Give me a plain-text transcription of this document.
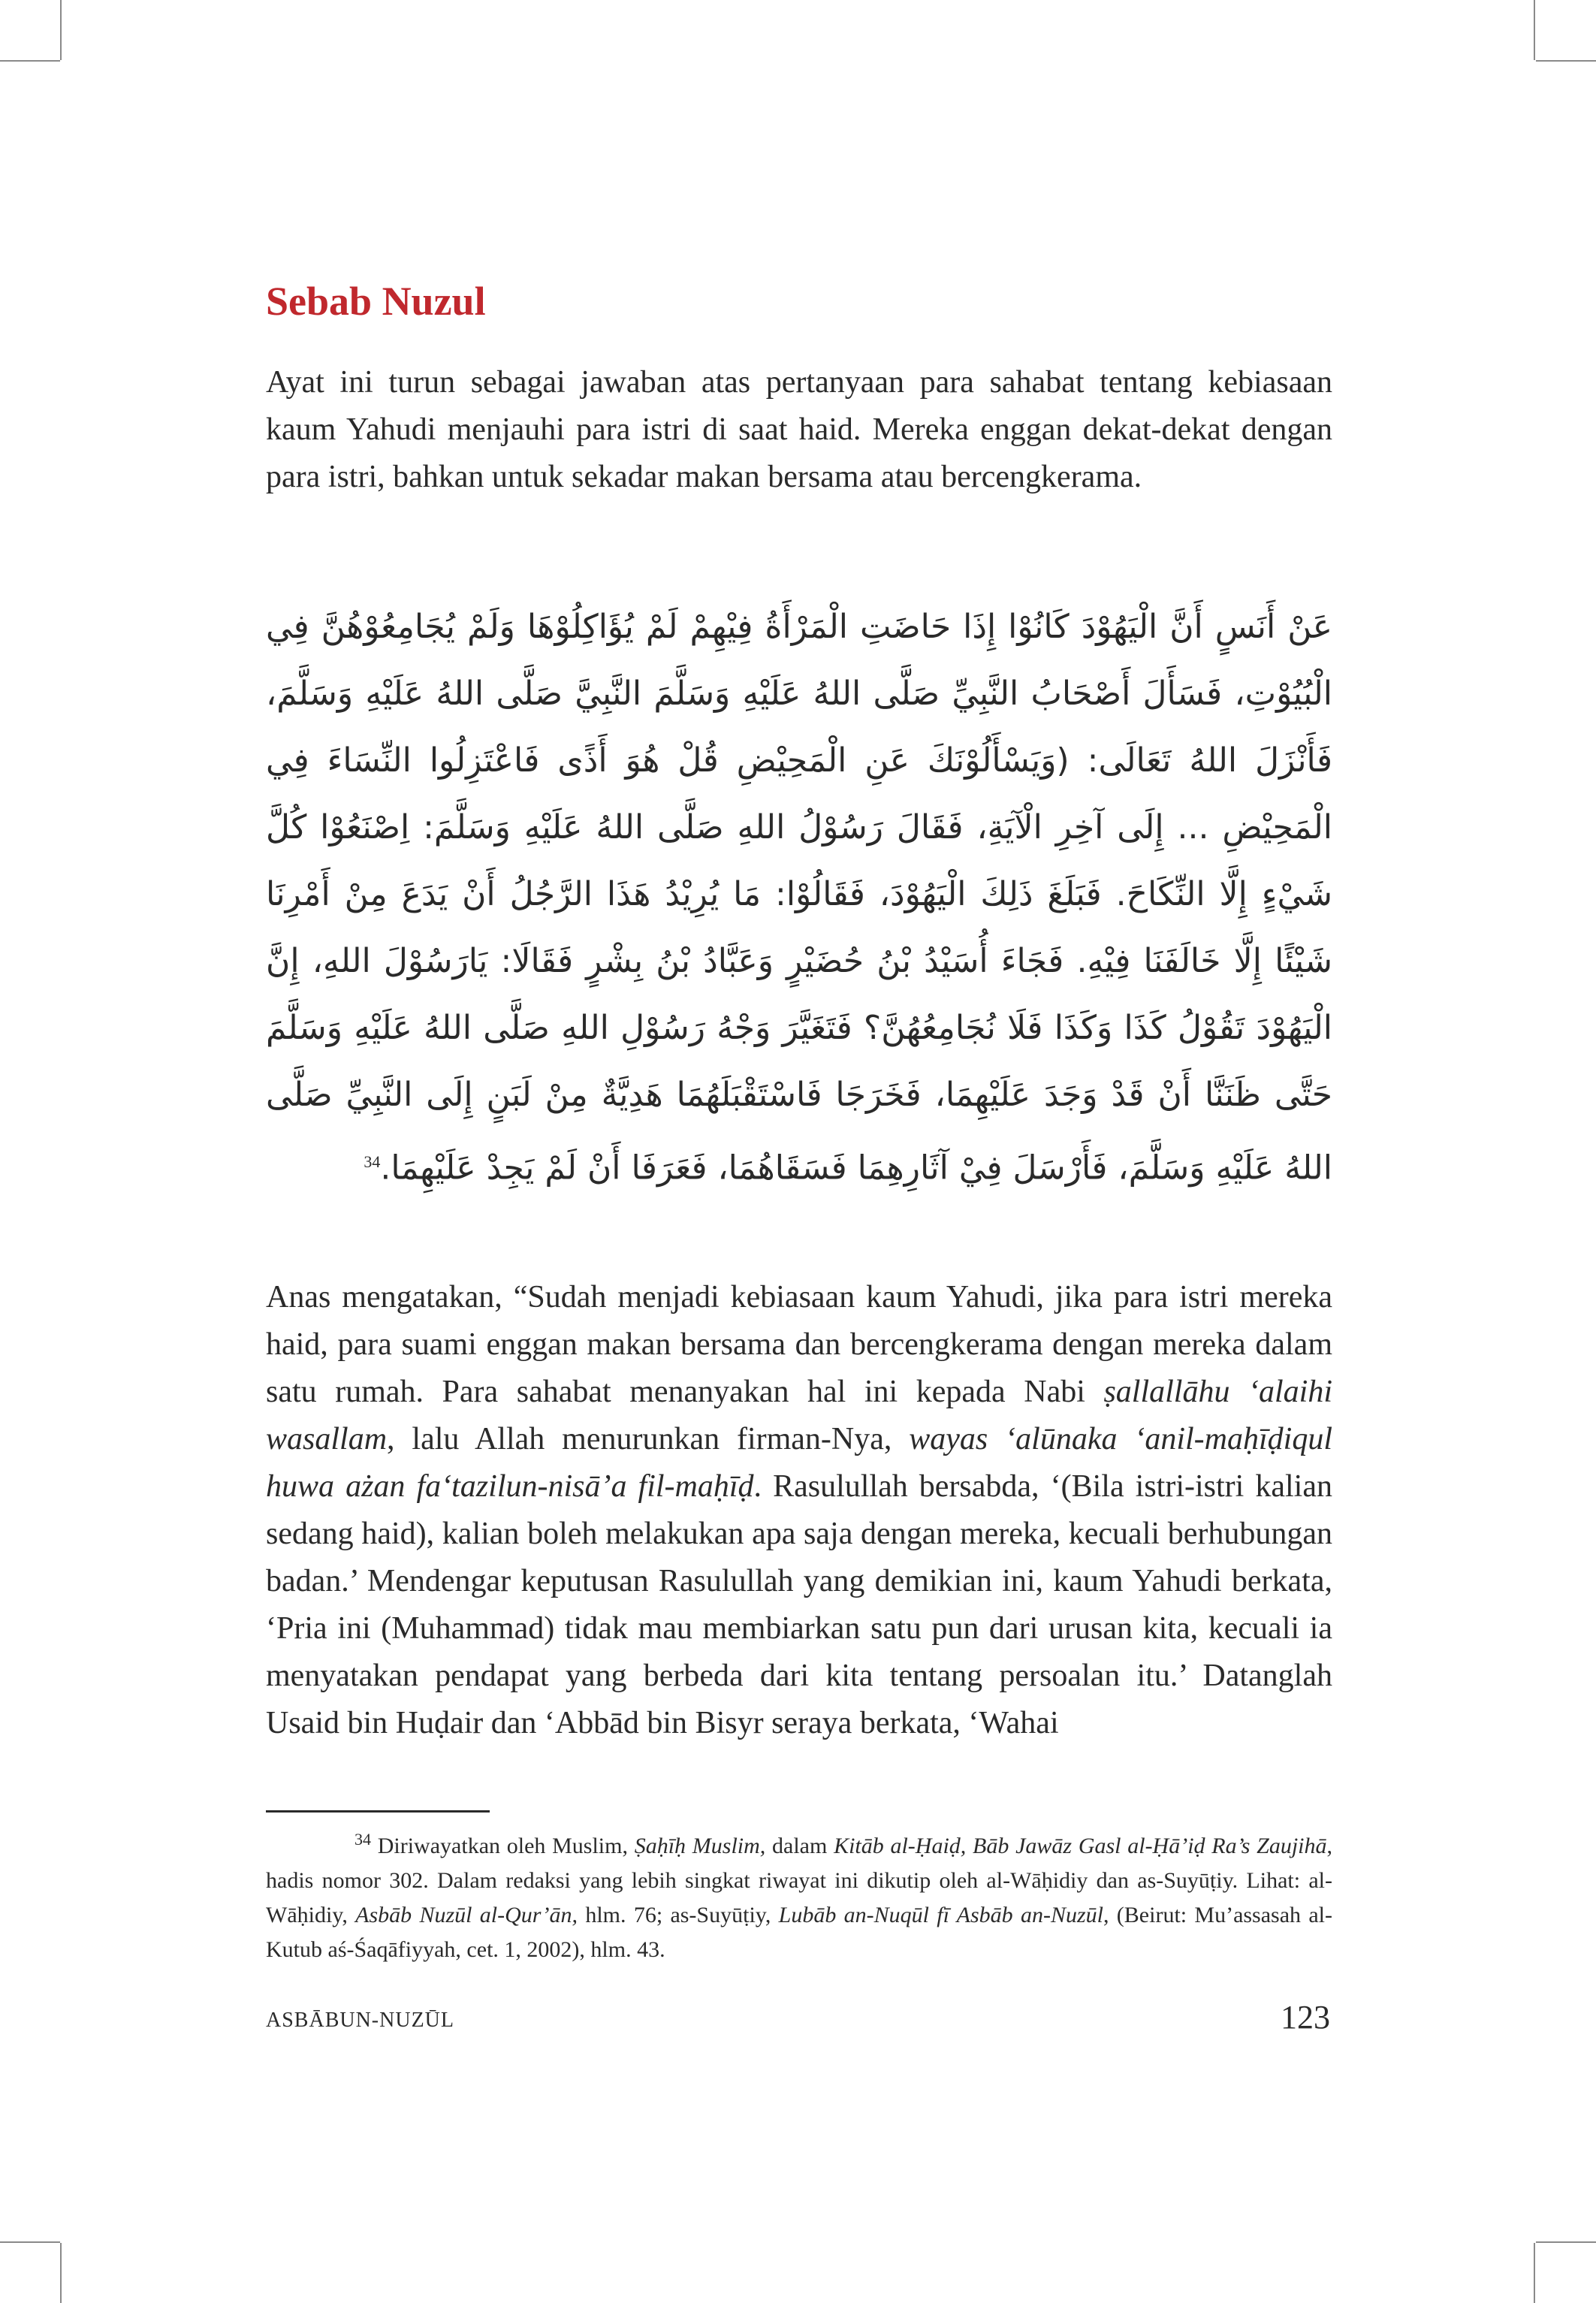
Sebab Nuzul

Ayat ini turun sebagai jawaban atas pertanyaan para sahabat tentang kebiasaan kaum Yahudi menjauhi para istri di saat haid. Mereka enggan dekat-dekat dengan para istri, bahkan untuk sekadar makan bersama atau bercengkerama.

عَنْ أَنَسٍ أَنَّ الْيَهُوْدَ كَانُوْا إِذَا حَاضَتِ الْمَرْأَةُ فِيْهِمْ لَمْ يُؤَاكِلُوْهَا وَلَمْ يُجَامِعُوْهُنَّ فِي الْبُيُوْتِ، فَسَأَلَ أَصْحَابُ النَّبِيِّ صَلَّى اللهُ عَلَيْهِ وَسَلَّمَ النَّبِيَّ صَلَّى اللهُ عَلَيْهِ وَسَلَّمَ، فَأَنْزَلَ اللهُ تَعَالَى: (وَيَسْأَلُوْنَكَ عَنِ الْمَحِيْضِ قُلْ هُوَ أَذًى فَاعْتَزِلُوا النِّسَاءَ فِي الْمَحِيْضِ ... إِلَى آخِرِ الْآيَةِ، فَقَالَ رَسُوْلُ اللهِ صَلَّى اللهُ عَلَيْهِ وَسَلَّمَ: اِصْنَعُوْا كُلَّ شَيْءٍ إِلَّا النِّكَاحَ. فَبَلَغَ ذَلِكَ الْيَهُوْدَ، فَقَالُوْا: مَا يُرِيْدُ هَذَا الرَّجُلُ أَنْ يَدَعَ مِنْ أَمْرِنَا شَيْئًا إِلَّا خَالَفَنَا فِيْهِ. فَجَاءَ أُسَيْدُ بْنُ حُضَيْرٍ وَعَبَّادُ بْنُ بِشْرٍ فَقَالَا: يَارَسُوْلَ اللهِ، إِنَّ الْيَهُوْدَ تَقُوْلُ كَذَا وَكَذَا فَلَا نُجَامِعُهُنَّ؟ فَتَغَيَّرَ وَجْهُ رَسُوْلِ اللهِ صَلَّى اللهُ عَلَيْهِ وَسَلَّمَ حَتَّى ظَنَنَّا أَنْ قَدْ وَجَدَ عَلَيْهِمَا، فَخَرَجَا فَاسْتَقْبَلَهُمَا هَدِيَّةٌ مِنْ لَبَنٍ إِلَى النَّبِيِّ صَلَّى اللهُ عَلَيْهِ وَسَلَّمَ، فَأَرْسَلَ فِيْ آثَارِهِمَا فَسَقَاهُمَا، فَعَرَفَا أَنْ لَمْ يَجِدْ عَلَيْهِمَا.$^{34}$

Anas mengatakan, “Sudah menjadi kebiasaan kaum Yahudi, jika para istri mereka haid, para suami enggan makan bersama dan bercengkerama dengan mereka dalam satu rumah. Para sahabat menanyakan hal ini kepada Nabi ṣallallāhu ‘alaihi wasallam, lalu Allah menurunkan firman-Nya, wayas ‘alūnaka ‘anil-maḥīḍiqul huwa ażan fa‘tazilun-nisā’a fil-maḥīḍ. Rasulullah bersabda, ‘(Bila istri-istri kalian sedang haid), kalian boleh melakukan apa saja dengan mereka, kecuali berhubungan badan.’ Mendengar keputusan Rasulullah yang demikian ini, kaum Yahudi berkata, ‘Pria ini (Muhammad) tidak mau membiarkan satu pun dari urusan kita, kecuali ia menyatakan pendapat yang berbeda dari kita tentang persoalan itu.’ Datanglah Usaid bin Huḍair dan ‘Abbād bin Bisyr seraya berkata, ‘Wahai

$^{34}$ Diriwayatkan oleh Muslim, Ṣaḥīḥ Muslim, dalam Kitāb al-Ḥaiḍ, Bāb Jawāz Gasl al-Ḥā’iḍ Ra’s Zaujihā, hadis nomor 302. Dalam redaksi yang lebih singkat riwayat ini dikutip oleh al-Wāḥidiy dan as-Suyūṭiy. Lihat: al-Wāḥidiy, Asbāb Nuzūl al-Qur’ān, hlm. 76; as-Suyūṭiy, Lubāb an-Nuqūl fī Asbāb an-Nuzūl, (Beirut: Mu’assasah al-Kutub aś-Śaqāfiyyah, cet. 1, 2002), hlm. 43.

ASBĀBUN-NUZŪL	123
